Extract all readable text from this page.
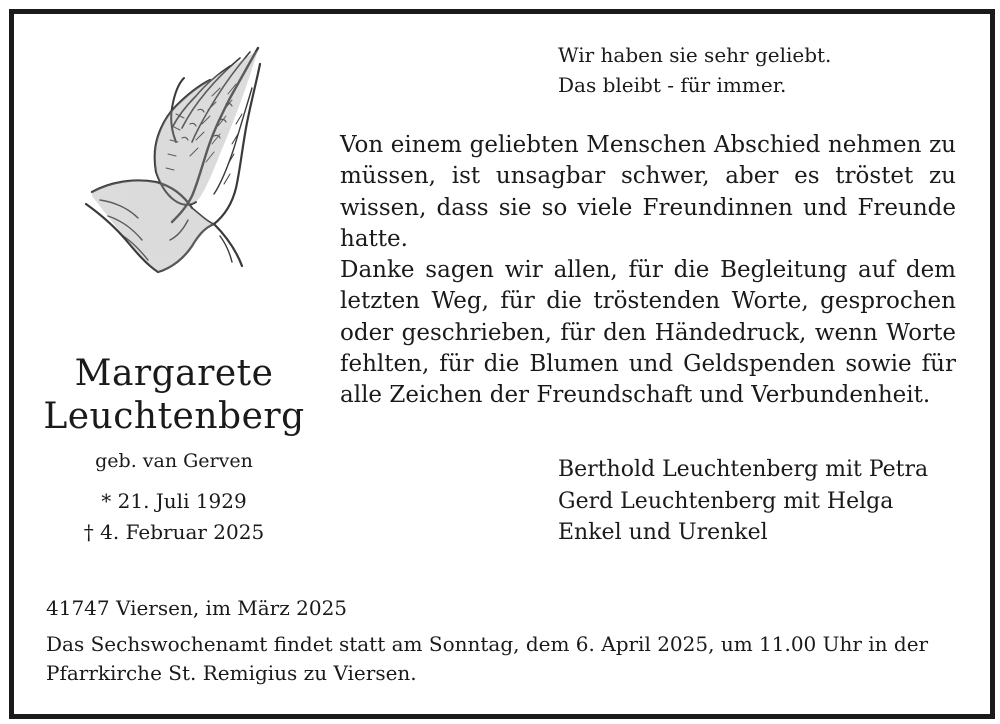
Wir haben sie sehr geliebt.
Das bleibt - für immer.

Von einem geliebten Menschen Abschied nehmen zu müssen, ist unsagbar schwer, aber es tröstet zu wissen, dass sie so viele Freundinnen und Freunde hatte.

Danke sagen wir allen, für die Begleitung auf dem letzten Weg, für die tröstenden Worte, gesprochen oder geschrieben, für den Händedruck, wenn Worte fehlten, für die Blumen und Geldspenden sowie für alle Zeichen der Freundschaft und Verbundenheit.

Margarete
Leuchtenberg
geb. van Gerven
* 21. Juli 1929
† 4. Februar 2025
Berthold Leuchtenberg mit Petra
Gerd Leuchtenberg mit Helga
Enkel und Urenkel
41747 Viersen, im März 2025
Das Sechswochenamt findet statt am Sonntag, dem 6. April 2025, um 11.00 Uhr in der Pfarrkirche St. Remigius zu Viersen.
